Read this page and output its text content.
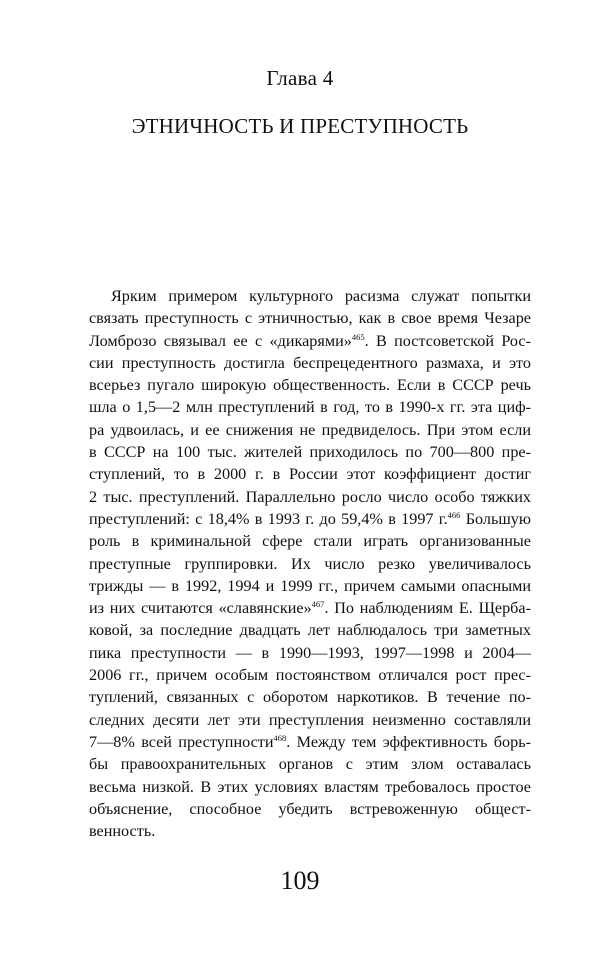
Глава 4
ЭТНИЧНОСТЬ И ПРЕСТУПНОСТЬ
Ярким примером культурного расизма служат попытки
связать преступность с этничностью, как в свое время Чезаре
Ломброзо связывал ее с «дикарями»$^{465}$. В постсоветской Рос-
сии преступность достигла беспрецедентного размаха, и это
всерьез пугало широкую общественность. Если в СССР речь
шла о 1,5—2 млн преступлений в год, то в 1990-х гг. эта циф-
ра удвоилась, и ее снижения не предвиделось. При этом если
в СССР на 100 тыс. жителей приходилось по 700—800 пре-
ступлений, то в 2000 г. в России этот коэффициент достиг
2 тыс. преступлений. Параллельно росло число особо тяжких
преступлений: с 18,4% в 1993 г. до 59,4% в 1997 г.$^{466}$ Большую
роль в криминальной сфере стали играть организованные
преступные группировки. Их число резко увеличивалось
трижды — в 1992, 1994 и 1999 гг., причем самыми опасными
из них считаются «славянские»$^{467}$. По наблюдениям Е. Щерба-
ковой, за последние двадцать лет наблюдалось три заметных
пика преступности — в 1990—1993, 1997—1998 и 2004—
2006 гг., причем особым постоянством отличался рост прес-
туплений, связанных с оборотом наркотиков. В течение по-
следних десяти лет эти преступления неизменно составляли
7—8% всей преступности$^{468}$. Между тем эффективность борь-
бы правоохранительных органов с этим злом оставалась
весьма низкой. В этих условиях властям требовалось простое
объяснение, способное убедить встревоженную общест-
венность.
109
